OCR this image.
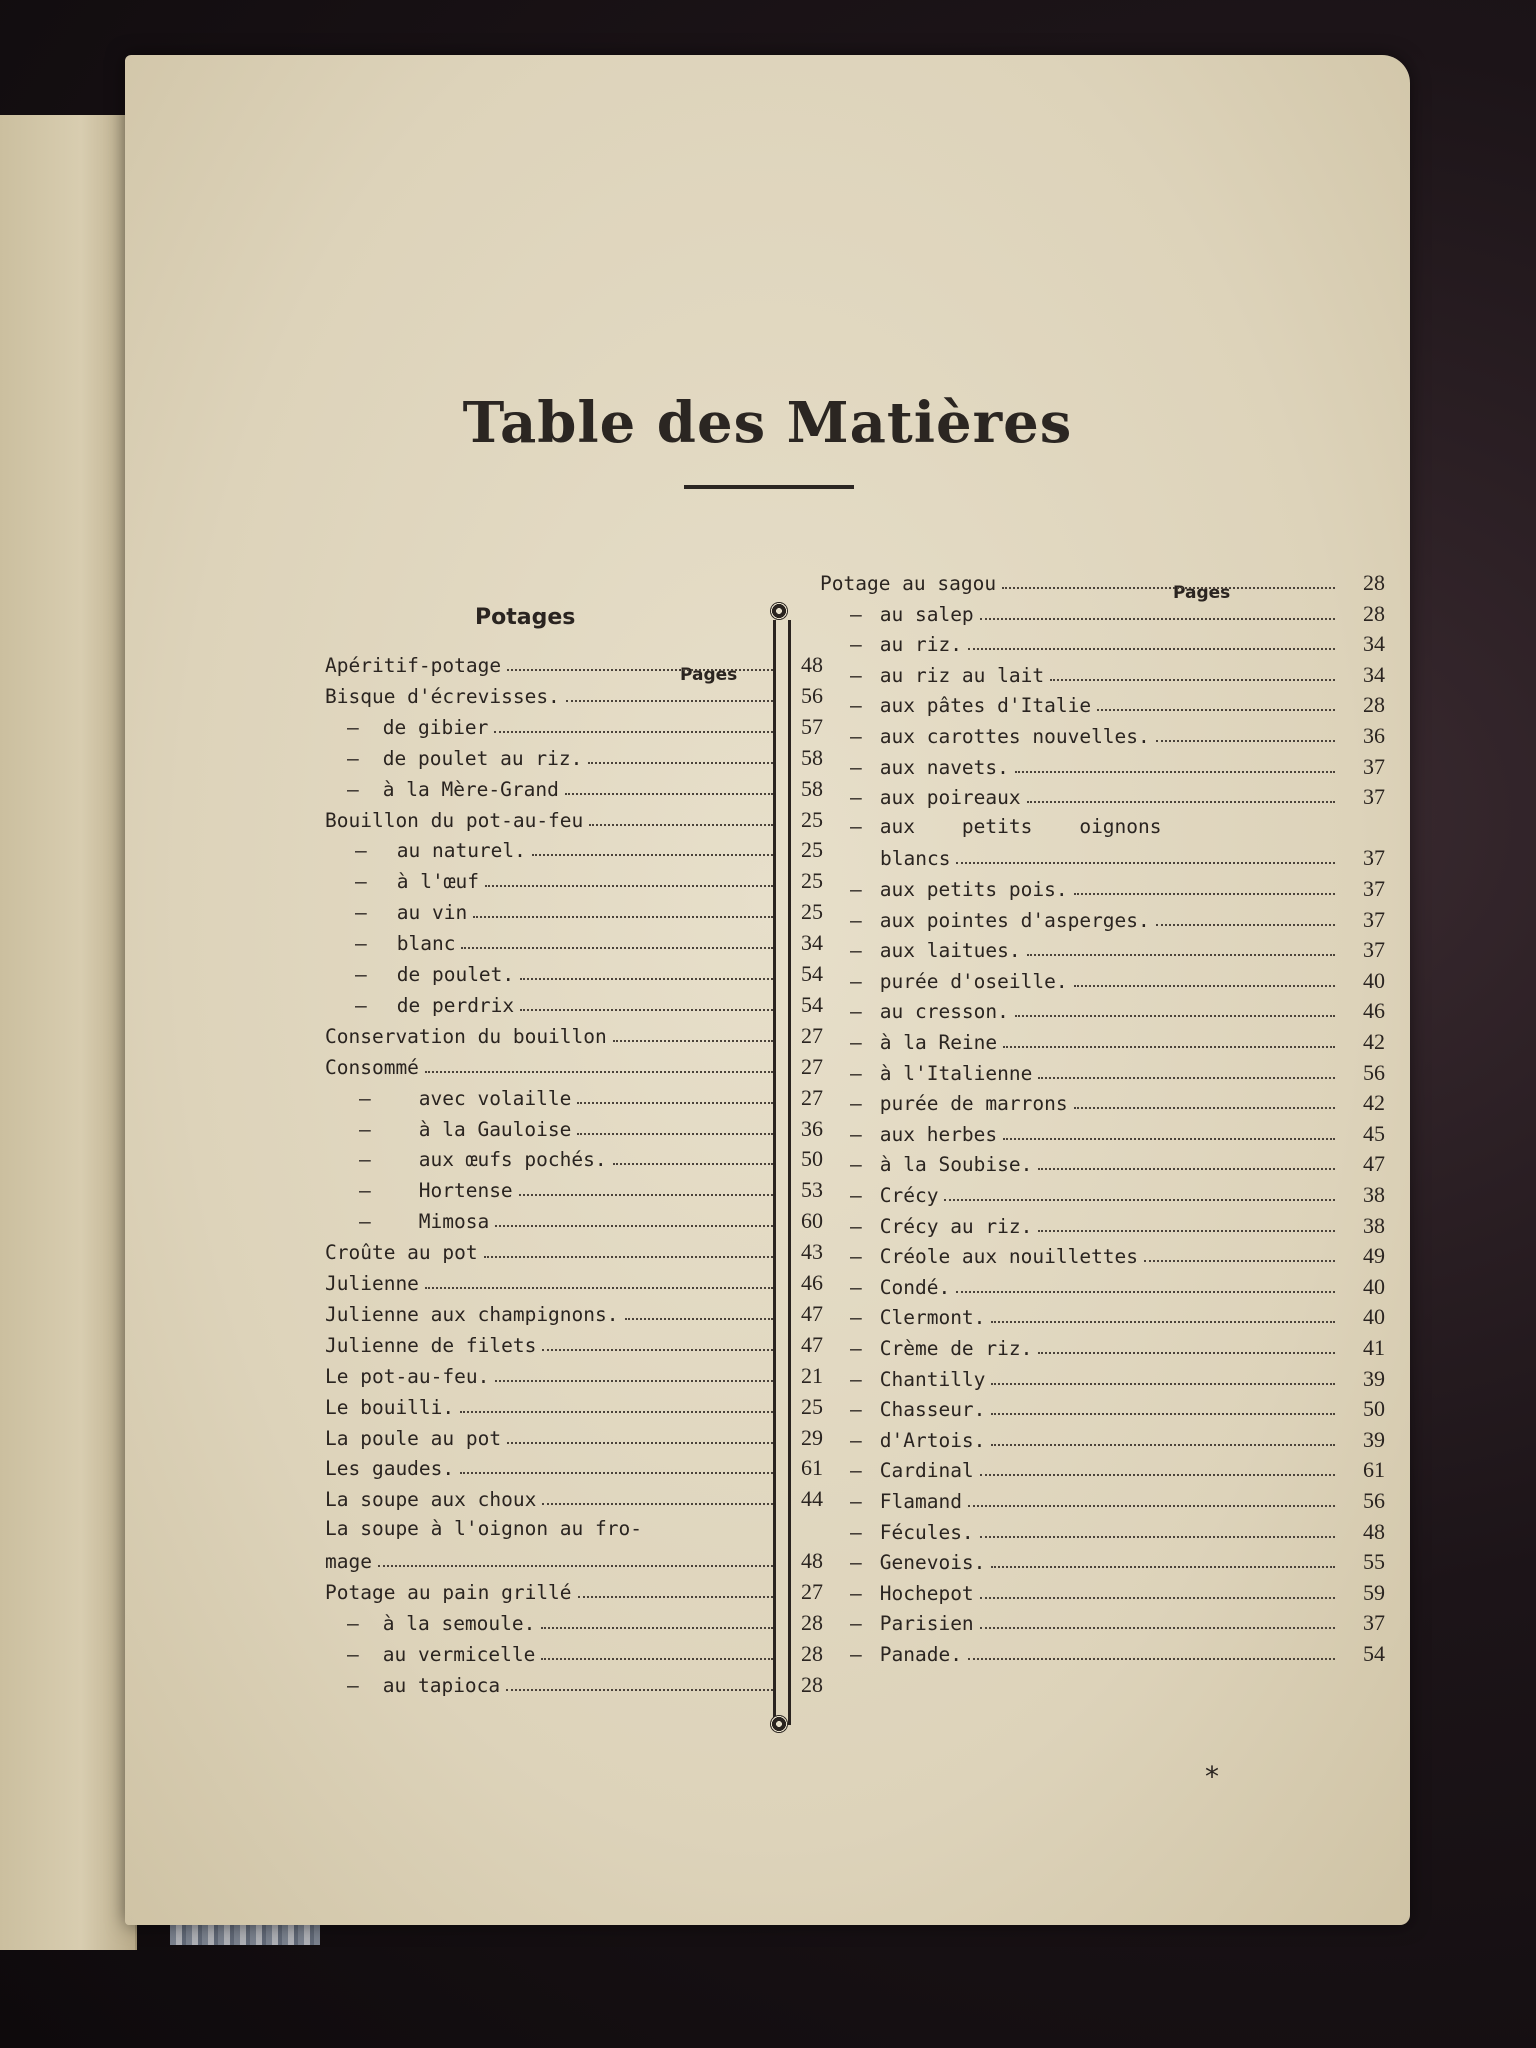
Table des Matières
Potages
Pages
Pages
Apéritif-potage	48
Bisque d'écrevisses.	56
— de gibier	57
— de poulet au riz.	58
— à la Mère-Grand	58
Bouillon du pot-au-feu	25
— au naturel.	25
— à l'œuf	25
— au vin	25
— blanc	34
— de poulet.	54
— de perdrix	54
Conservation du bouillon	27
Consommé	27
— avec volaille	27
— à la Gauloise	36
— aux œufs pochés.	50
— Hortense	53
— Mimosa	60
Croûte au pot	43
Julienne	46
Julienne aux champignons.	47
Julienne de filets	47
Le pot-au-feu.	21
Le bouilli.	25
La poule au pot	29
Les gaudes.	61
La soupe aux choux	44
La soupe à l'oignon au fro-
mage	48
Potage au pain grillé	27
— à la semoule.	28
— au vermicelle	28
— au tapioca	28
Potage au sagou	28
— au salep	28
— au riz.	34
— au riz au lait	34
— aux pâtes d'Italie	28
— aux carottes nouvelles.	36
— aux navets.	37
— aux poireaux	37
— aux    petits    oignons
blancs	37
— aux petits pois.	37
— aux pointes d'asperges.	37
— aux laitues.	37
— purée d'oseille.	40
— au cresson.	46
— à la Reine	42
— à l'Italienne	56
— purée de marrons	42
— aux herbes	45
— à la Soubise.	47
— Crécy	38
— Crécy au riz.	38
— Créole aux nouillettes	49
— Condé.	40
— Clermont.	40
— Crème de riz.	41
— Chantilly	39
— Chasseur.	50
— d'Artois.	39
— Cardinal	61
— Flamand	56
— Fécules.	48
— Genevois.	55
— Hochepot	59
— Parisien	37
— Panade.	54
*
